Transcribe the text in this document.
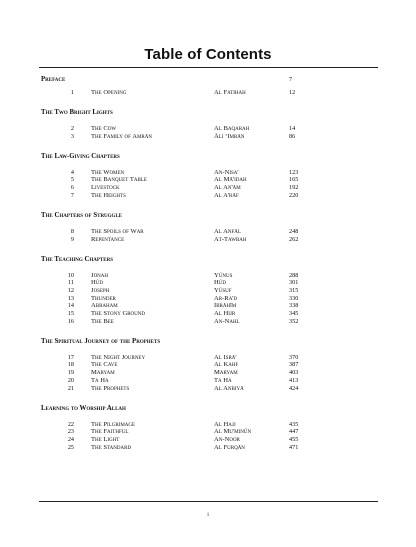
Table of Contents
Preface	7
1	The Opening	Al Fatihah	12
The Two Bright Lights
2	The Cow	Al Baqarah	14
3	The Family of Amrān	Āli ‘Imrān	86
The Law-Giving Chapters
4	The Women	An-Nisa'	123
5	The Banquet Table	Al Mā'idah	165
6	Livestock	Al An'ām	192
7	The Heights	Al A'rāf	220
The Chapters of Struggle
8	The Spoils of War	Al Anfāl	248
9	Repentance	At-Tawbah	262
The Teaching Chapters
10	Jonah	Yūnus	288
11	Hūd	Hūd	301
12	Joseph	Yūsuf	315
13	Thunder	Ar-Ra'd	330
14	Abraham	Ibrāhīm	338
15	The Stony Ground	Al Hijr	345
16	The Bee	An-Nahl	352
The Spiritual Journey of the Prophets
17	The Night Journey	Al Isrā'	370
18	The Cave	Al Kahf	387
19	Maryam	Maryam	403
20	Ta Ha	Ta Ha	413
21	The Prophets	Al Anbiyā	424
Learning to Worship Allah
22	The Pilgrimage	Al Hajj	435
23	The Faithful	Al Mu'minūn	447
24	The Light	An-Noor	455
25	The Standard	Al Furqān	471
1
